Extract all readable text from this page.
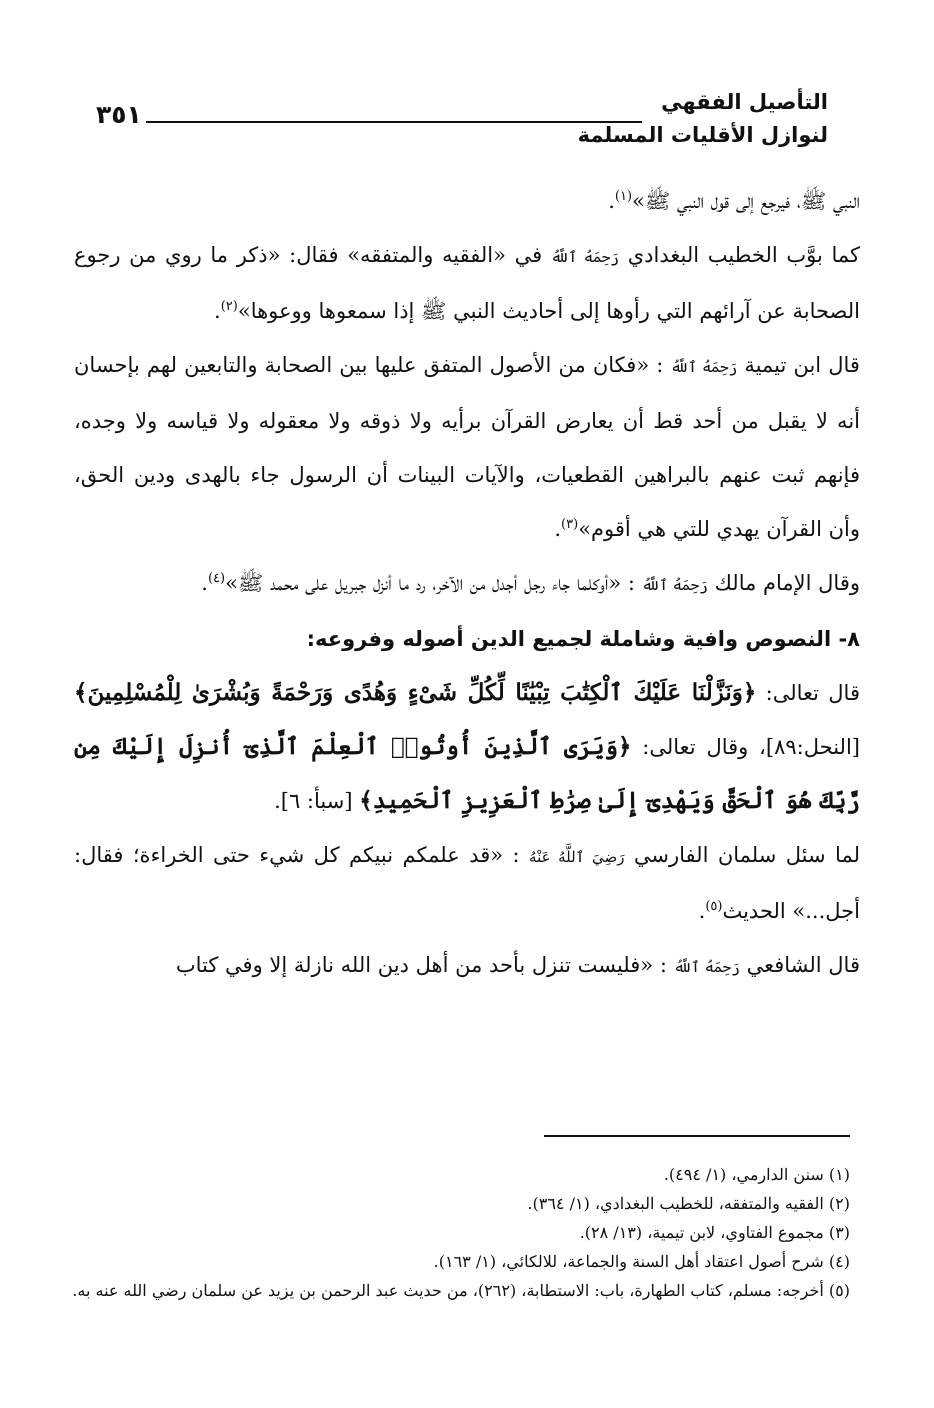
٣٥١	التأصيل الفقهي
لنوازل الأقليات المسلمة

النبي ﷺ، فيرجع إلى قول النبي ﷺ»$^{(١)}$.

كما بوَّب الخطيب البغدادي رَحِمَهُ ٱللَّهُ في «الفقيه والمتفقه» فقال: «ذكر ما روي من رجوع الصحابة عن آرائهم التي رأوها إلى أحاديث النبي ﷺ إذا سمعوها ووعوها»$^{(٢)}$.

قال ابن تيمية رَحِمَهُ ٱللَّهُ : «فكان من الأصول المتفق عليها بين الصحابة والتابعين لهم بإحسان أنه لا يقبل من أحد قط أن يعارض القرآن برأيه ولا ذوقه ولا معقوله ولا قياسه ولا وجده، فإنهم ثبت عنهم بالبراهين القطعيات، والآيات البينات أن الرسول جاء بالهدى ودين الحق، وأن القرآن يهدي للتي هي أقوم»$^{(٣)}$.

وقال الإمام مالك رَحِمَهُ ٱللَّهُ : «أوكلما جاء رجل أجدل من الآخر، رد ما أنزل جبريل على محمد ﷺ»$^{(٤)}$.

٨- النصوص وافية وشاملة لجميع الدين أصوله وفروعه:

قال تعالى: ﴿وَنَزَّلْنَا عَلَيْكَ ٱلْكِتَٰبَ تِبْيَٰنًا لِّكُلِّ شَىْءٍ وَهُدًى وَرَحْمَةً وَبُشْرَىٰ لِلْمُسْلِمِينَ﴾ [النحل:٨٩]، وقال تعالى: ﴿وَيَرَى ٱلَّذِينَ أُوتُوا۟ ٱلْعِلْمَ ٱلَّذِىٓ أُنزِلَ إِلَيْكَ مِن رَّبِّكَ هُوَ ٱلْحَقَّ وَيَهْدِىٓ إِلَىٰ صِرَٰطِ ٱلْعَزِيزِ ٱلْحَمِيدِ﴾ [سبأ: ٦].

لما سئل سلمان الفارسي رَضِيَ ٱللَّهُ عَنْهُ : «قد علمكم نبيكم كل شيء حتى الخراءة؛ فقال: أجل...» الحديث$^{(٥)}$.

قال الشافعي رَحِمَهُ ٱللَّهُ : «فليست تنزل بأحد من أهل دين الله نازلة إلا وفي كتاب

(١) سنن الدارمي، (١/ ٤٩٤).

(٢) الفقيه والمتفقه، للخطيب البغدادي، (١/ ٣٦٤).

(٣) مجموع الفتاوي، لابن تيمية، (١٣/ ٢٨).

(٤) شرح أصول اعتقاد أهل السنة والجماعة، للالكائي، (١/ ١٦٣).

(٥) أخرجه: مسلم، كتاب الطهارة، باب: الاستطابة، (٢٦٢)، من حديث عبد الرحمن بن يزيد عن سلمان رضي الله عنه به.
